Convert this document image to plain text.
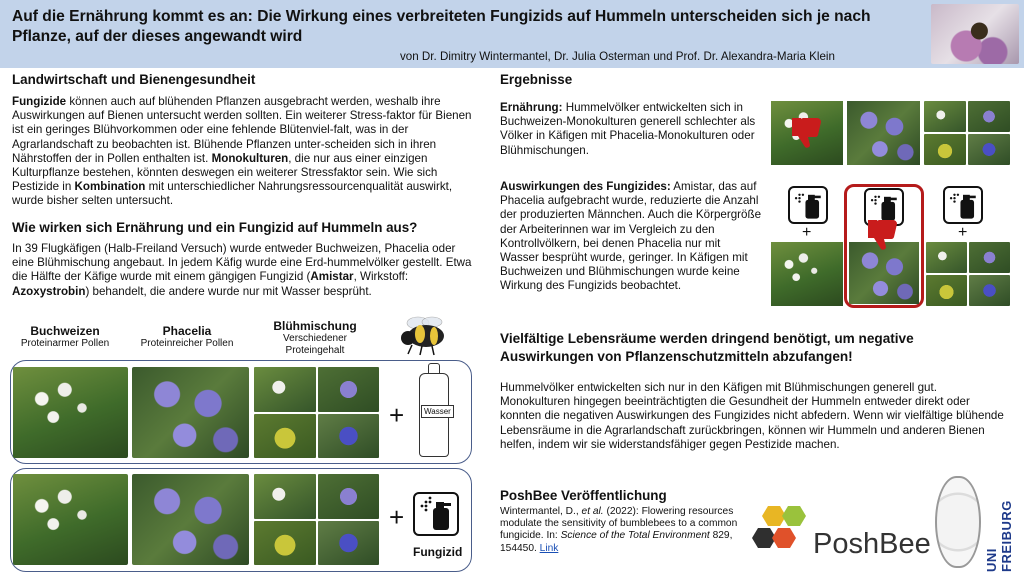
Auf die Ernährung kommt es an: Die Wirkung eines verbreiteten Fungizids auf Hummeln unterscheiden sich je nach Pflanze, auf der dieses angewandt wird
von Dr. Dimitry Wintermantel, Dr. Julia Osterman und Prof. Dr. Alexandra-Maria Klein
Landwirtschaft und Bienengesundheit
Fungizide können auch auf blühenden Pflanzen ausgebracht werden, weshalb ihre Auswirkungen auf Bienen untersucht werden sollten. Ein weiterer Stress-faktor für Bienen ist ein geringes Blühvorkommen oder eine fehlende Blütenviel-falt, was in der Agrarlandschaft zu beobachten ist. Blühende Pflanzen unter-scheiden sich in ihren Nährstoffen der in Pollen enthalten ist. Monokulturen, die nur aus einer einzigen Kulturpflanze bestehen, könnten deswegen ein weiterer Stressfaktor sein. Wie sich Pestizide in Kombination mit unterschiedlicher Nahrungsressourcenqualität auswirkt, wurde bisher selten untersucht.
Wie wirken sich Ernährung und ein Fungizid auf Hummeln aus?
In 39 Flugkäfigen (Halb-Freiland Versuch) wurde entweder Buchweizen, Phacelia oder eine Blühmischung angebaut. In jedem Käfig wurde eine Erd-hummelvölker gestellt. Etwa die Hälfte der Käfige wurde mit einem gängigen Fungizid (Amistar, Wirkstoff: Azoxystrobin) behandelt, die andere wurde nur mit Wasser besprüht.
Buchweizen
Proteinarmer Pollen
Phacelia
Proteinreicher Pollen
Blühmischung
Verschiedener Proteingehalt
+	Wasser
+
Fungizid
Ergebnisse
Ernährung: Hummelvölker entwickelten sich in Buchweizen-Monokulturen generell schlechter als Völker in Käfigen mit Phacelia-Monokulturen oder Blühmischungen.
Auswirkungen des Fungizides: Amistar, das auf Phacelia aufgebracht wurde, reduzierte die Anzahl der produzierten Männchen. Auch die Körpergröße der Arbeiterinnen war im Vergleich zu den Kontrollvölkern, bei denen Phacelia nur mit Wasser besprüht wurde, geringer. In Käfigen mit Buchweizen und Blühmischungen wurde keine Wirkung des Fungizids beobachtet.
+	+
Vielfältige Lebensräume werden dringend benötigt, um negative Auswirkungen von Pflanzenschutzmitteln abzufangen!
Hummelvölker entwickelten sich nur in den Käfigen mit Blühmischungen generell gut. Monokulturen hingegen beeinträchtigten die Gesundheit der Hummeln entweder direkt oder konnten die negativen Auswirkungen des Fungizides nicht abfedern. Wenn wir vielfältige blühende Lebensräume in die Agrarlandschaft zurückbringen, können wir Hummeln und anderen Bienen helfen, indem wir sie widerstandsfähiger gegen Pestizide machen.
PoshBee Veröffentlichung
Wintermantel, D., et al. (2022): Flowering resources modulate the sensitivity of bumblebees to a common fungicide. In: Science of the Total Environment 829, 154450. Link	PoshBee
UNI FREIBURG
